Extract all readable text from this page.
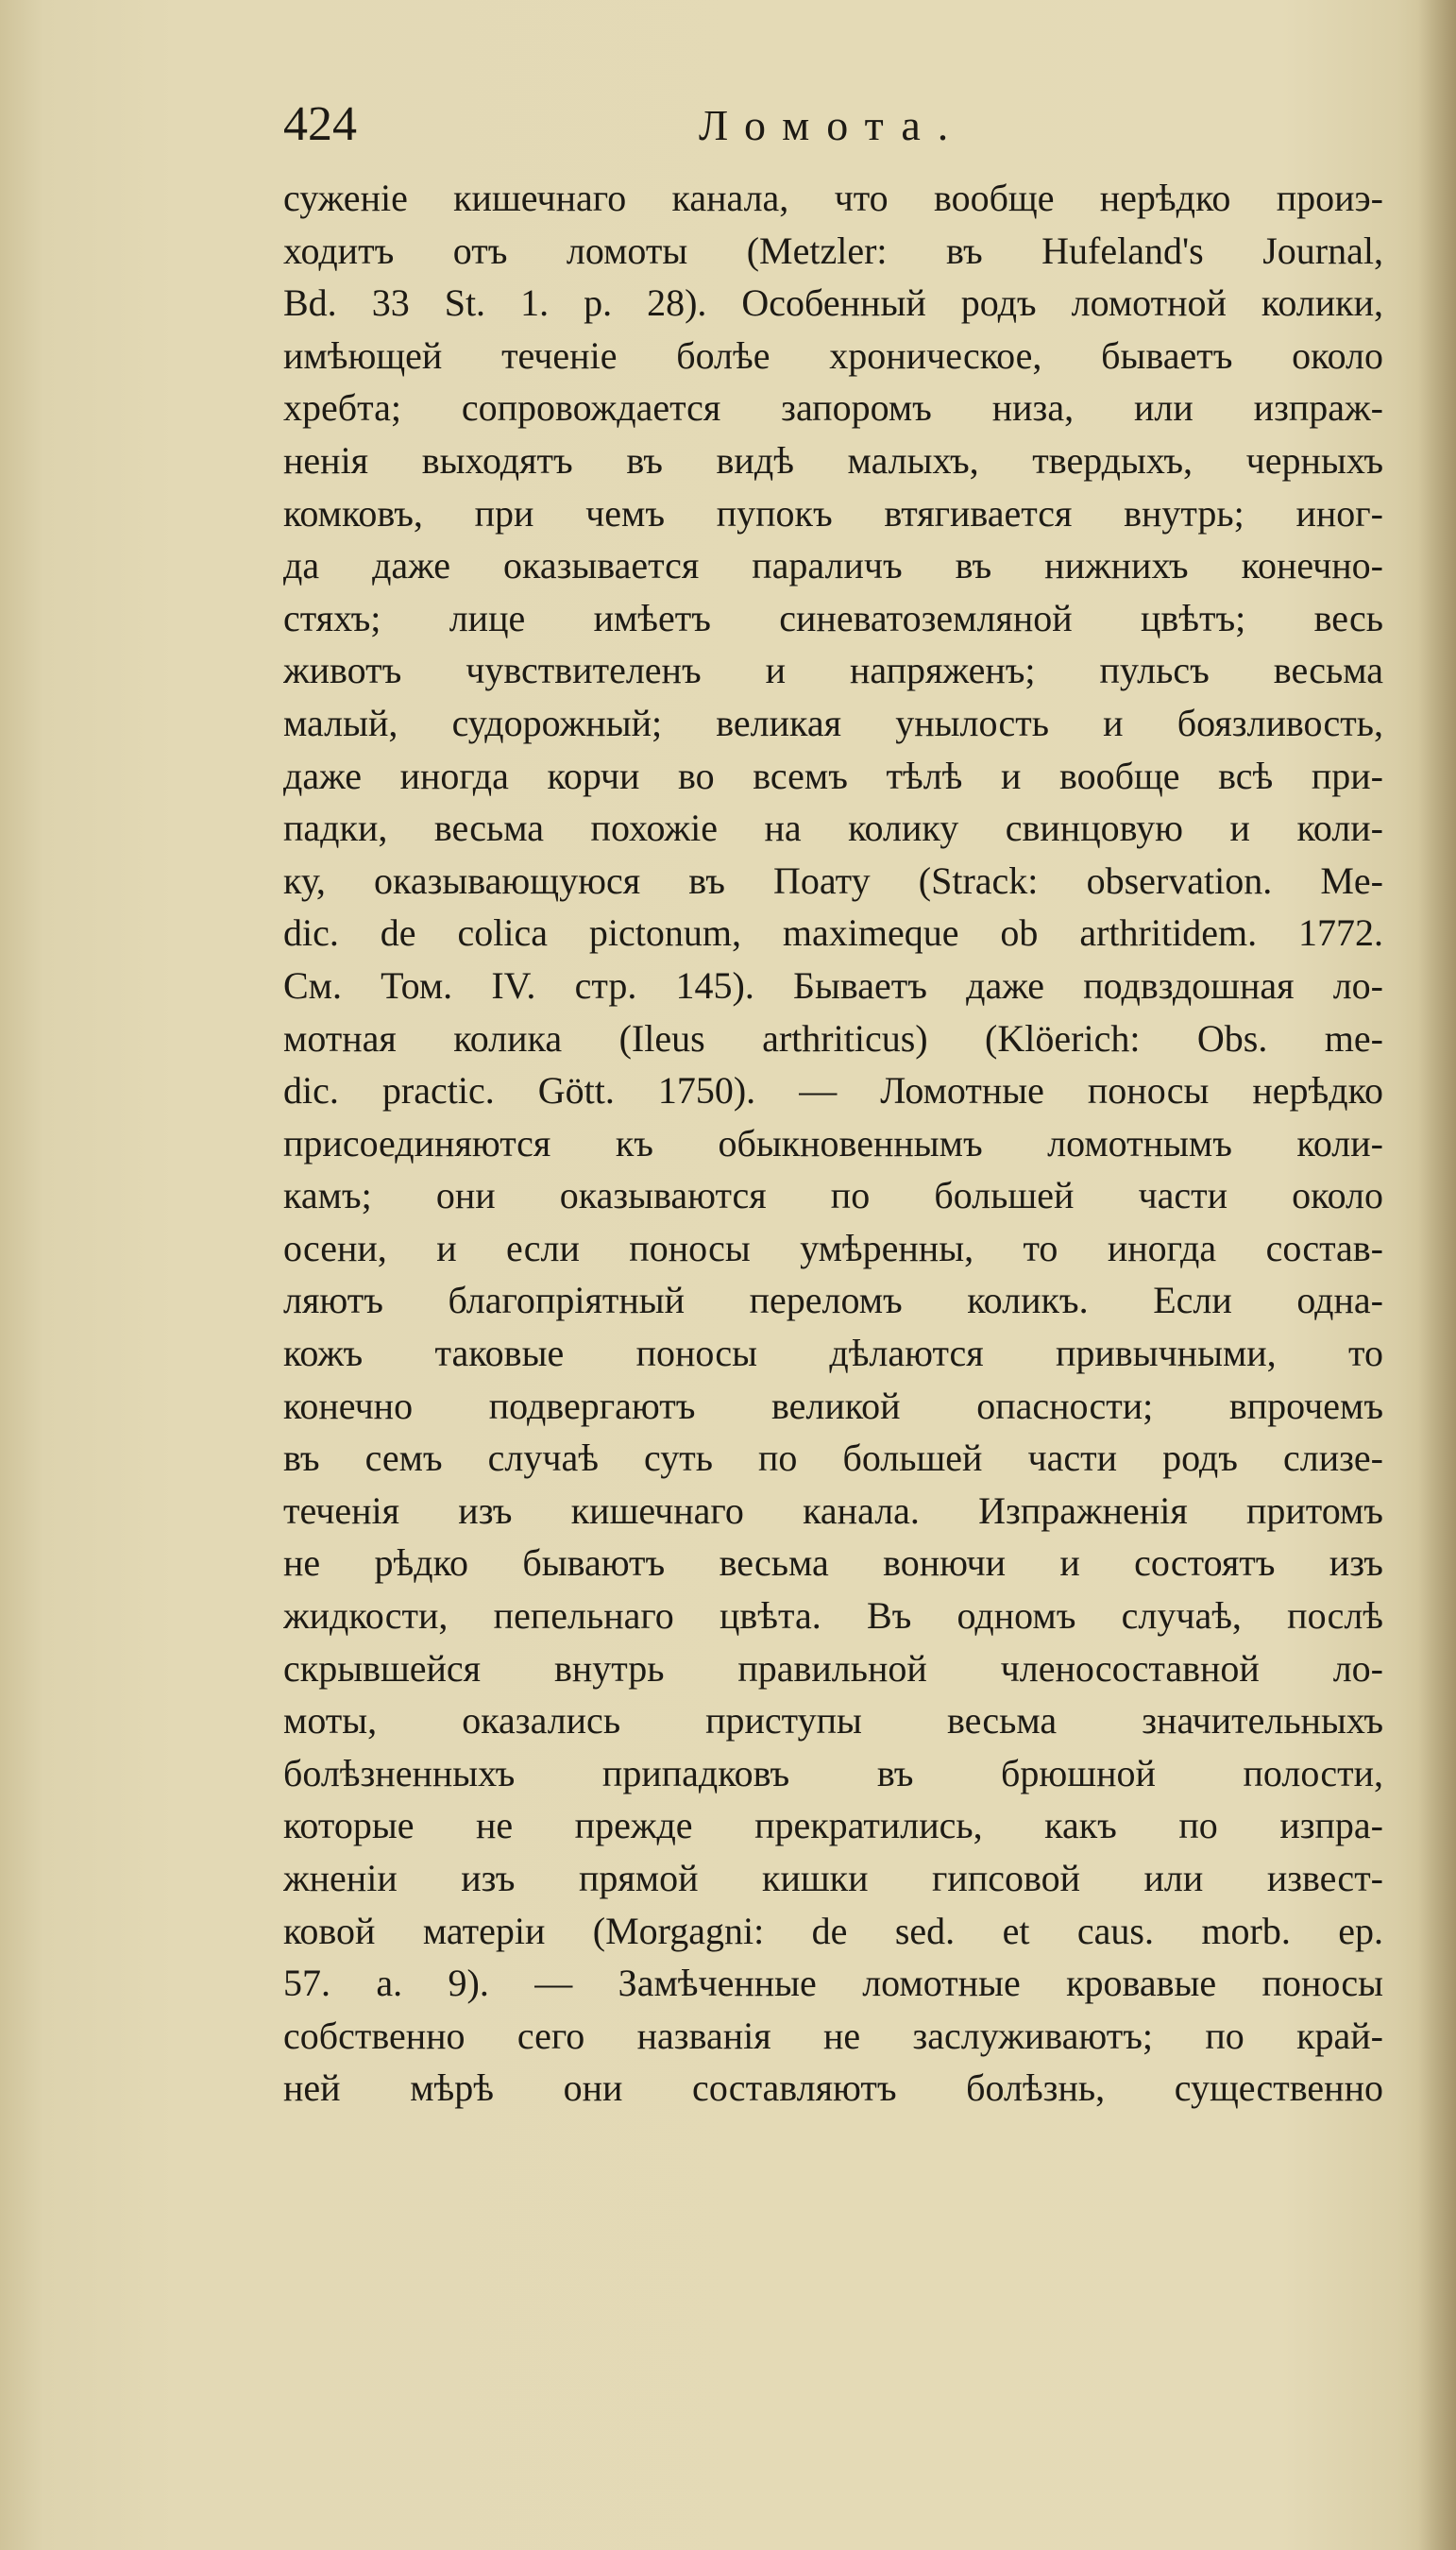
424	Ломота.
суженіе кишечнаго канала, что вообще нерѣдко проиэ-
ходитъ отъ ломоты (Metzler: въ Hufeland's Journal,
Bd. 33 St. 1. p. 28). Особенный родъ ломотной колики,
имѣющей теченіе болѣе хроническое, бываетъ около
хребта; сопровождается запоромъ низа, или изпраж-
ненія выходятъ въ видѣ малыхъ, твердыхъ, черныхъ
комковъ, при чемъ пупокъ втягивается внутрь; иног-
да даже оказывается параличъ въ нижнихъ конечно-
стяхъ; лице имѣетъ синеватоземляной цвѣтъ; весь
животъ чувствителенъ и напряженъ; пульсъ весьма
малый, судорожный; великая унылость и боязливость,
даже иногда корчи во всемъ тѣлѣ и вообще всѣ при-
падки, весьма похожіе на колику свинцовую и коли-
ку, оказывающуюся въ Поату (Strack: observation. Me-
dic. de colica pictonum, maximeque ob arthritidem. 1772.
См. Том. IV. стр. 145). Бываетъ даже подвздошная ло-
мотная колика (Ileus arthriticus) (Klöerich: Obs. me-
dic. practic. Gött. 1750). — Ломотные поносы нерѣдко
присоединяются къ обыкновеннымъ ломотнымъ коли-
камъ; они оказываются по большей части около
осени, и если поносы умѣренны, то иногда состав-
ляютъ благопріятный переломъ коликъ. Если одна-
кожъ таковые поносы дѣлаются привычными, то
конечно подвергаютъ великой опасности; впрочемъ
въ семъ случаѣ суть по большей части родъ слизе-
теченія изъ кишечнаго канала. Изпражненія притомъ
не рѣдко бываютъ весьма вонючи и состоятъ изъ
жидкости, пепельнаго цвѣта. Въ одномъ случаѣ, послѣ
скрывшейся внутрь правильной членосоставной ло-
моты, оказались приступы весьма значительныхъ
болѣзненныхъ припадковъ въ брюшной полости,
которые не прежде прекратились, какъ по изпра-
жненіи изъ прямой кишки гипсовой или извест-
ковой матеріи (Morgagni: de sed. et caus. morb. ep.
57. a. 9). — Замѣченные ломотные кровавые поносы
собственно сего названія не заслуживаютъ; по край-
ней мѣрѣ они составляютъ болѣзнь, существенно
